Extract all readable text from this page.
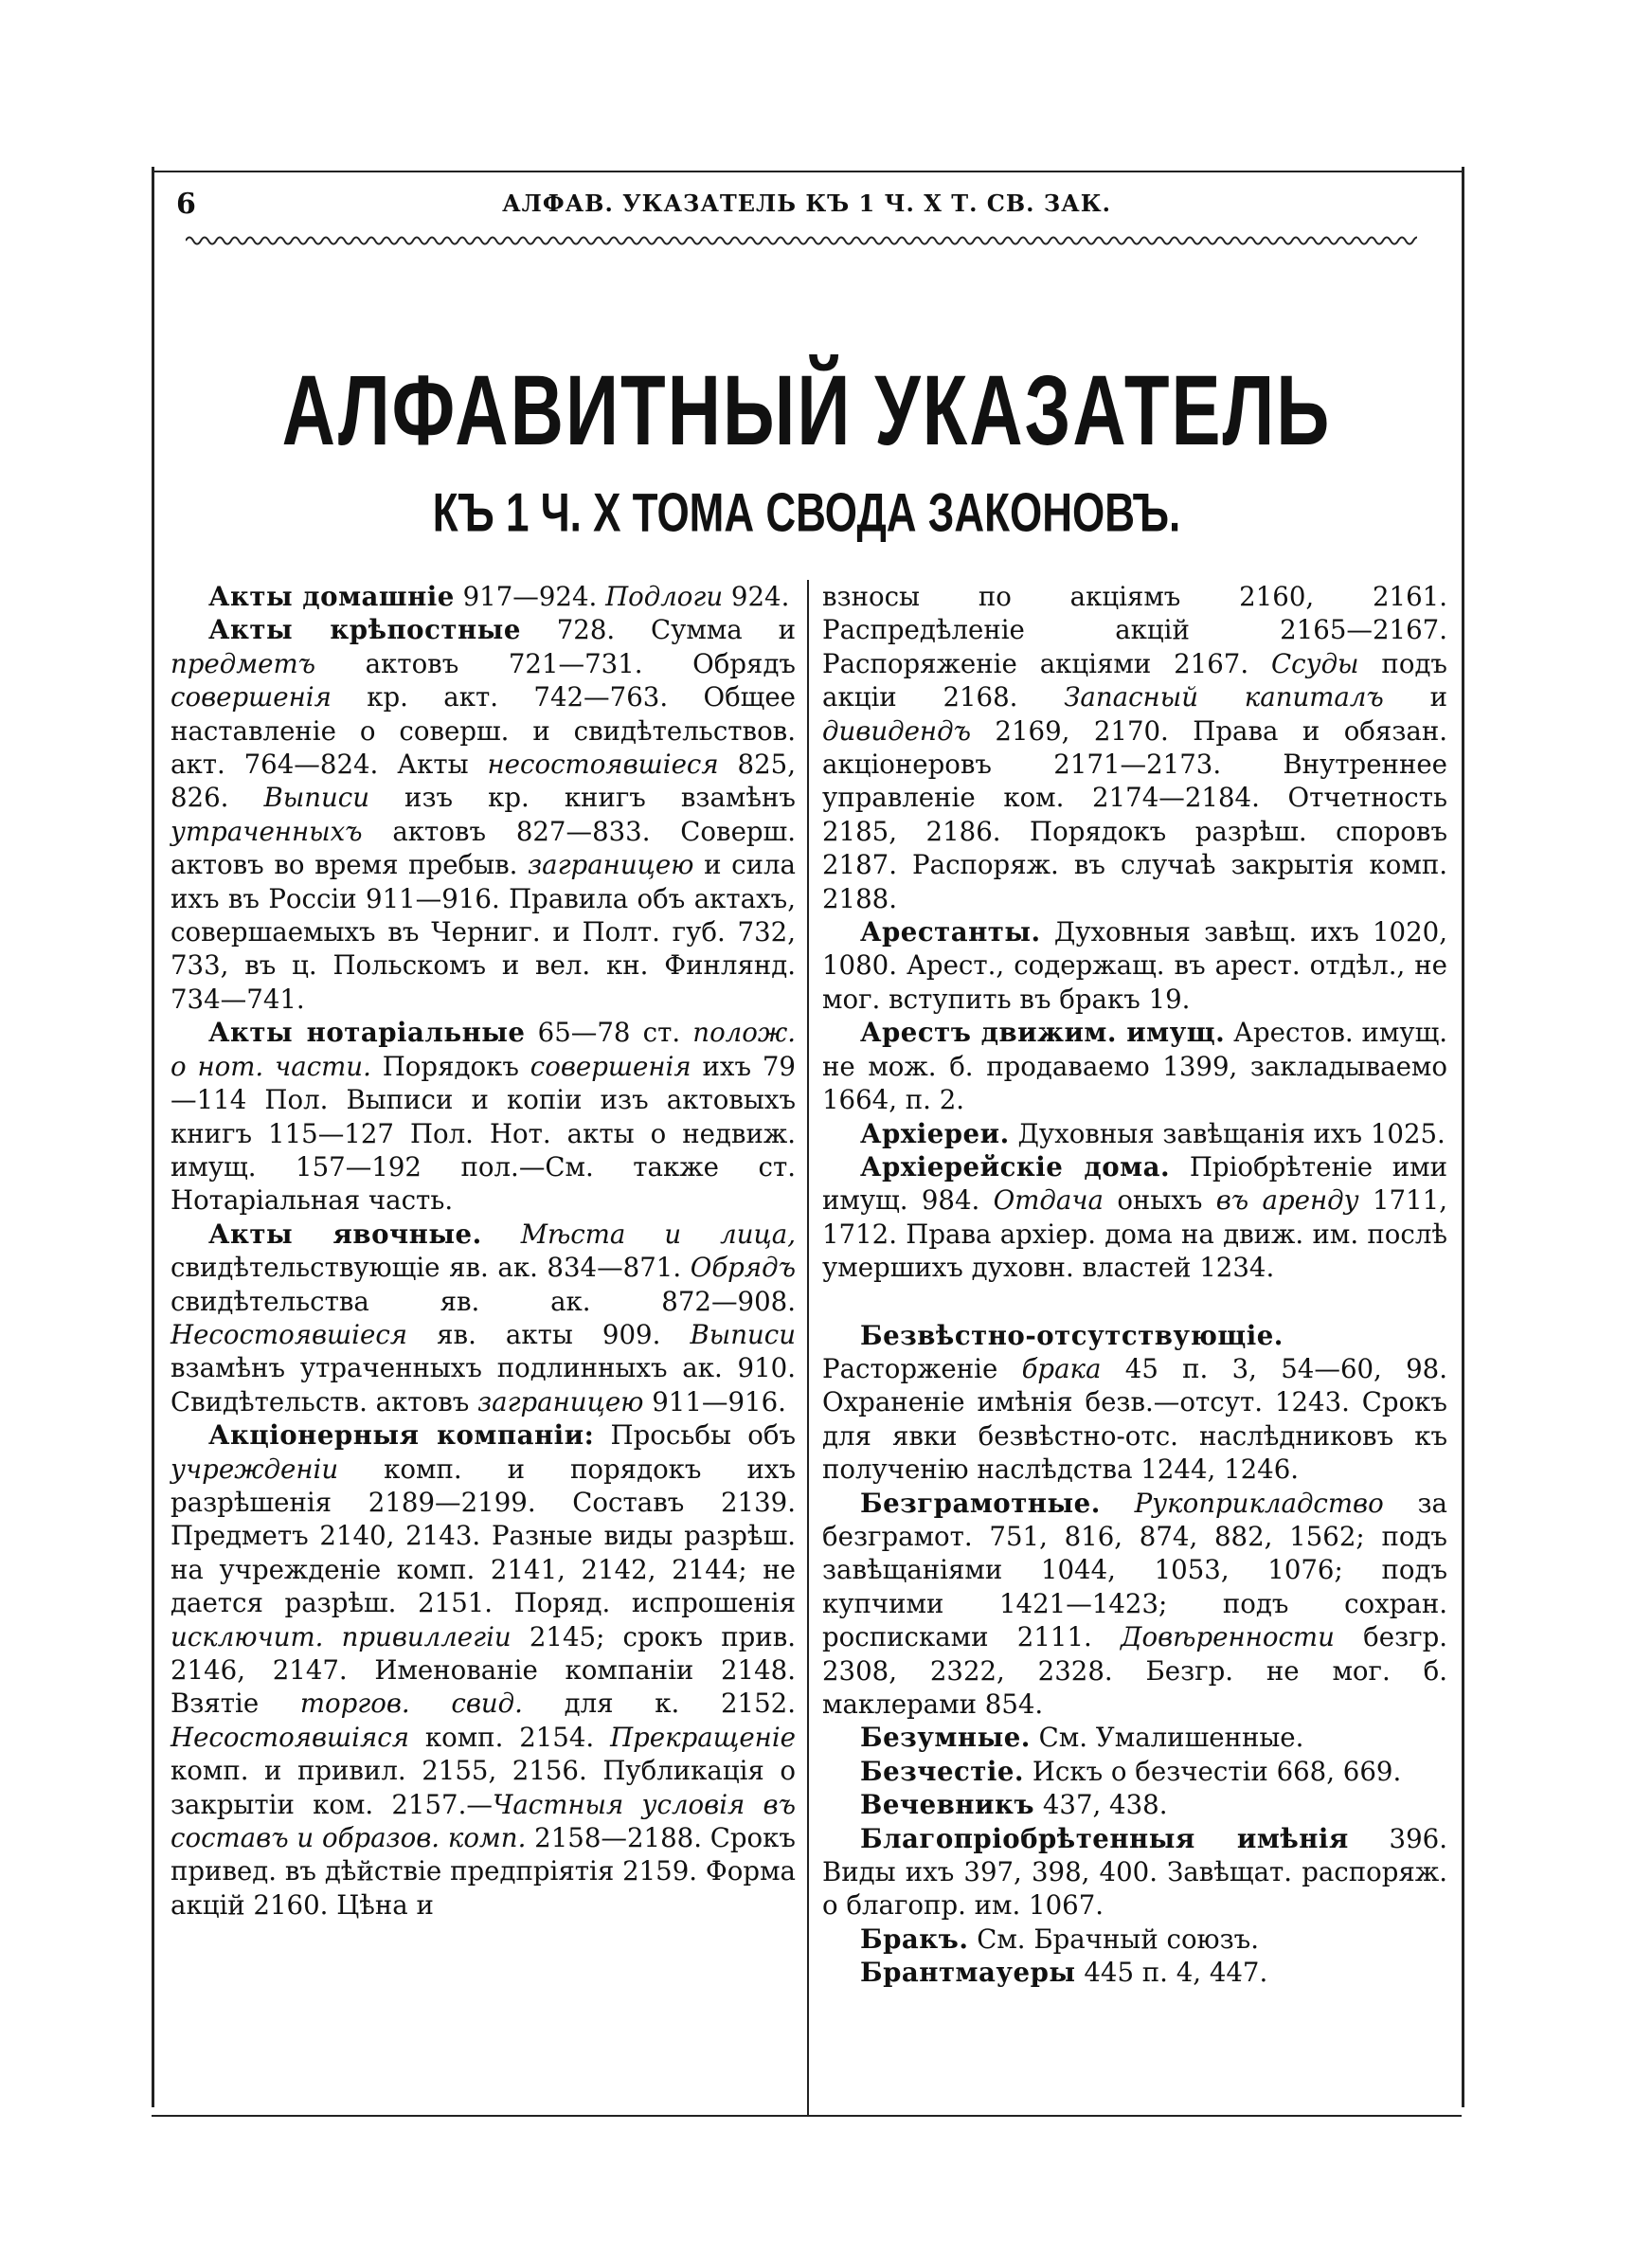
6	АЛФАВ. УКАЗАТЕЛЬ КЪ 1 Ч. X Т. СВ. ЗАК.
АЛФАВИТНЫЙ УКАЗАТЕЛЬ
КЪ 1 Ч. X ТОМА СВОДА ЗАКОНОВЪ.

Акты домашніе 917—924. Подлоги 924.

Акты крѣпостные 728. Сумма и предметъ актовъ 721—731. Обрядъ совершенія кр. акт. 742—763. Общее наставленіе о соверш. и свидѣтельствов. акт. 764—824. Акты несостоявшіеся 825, 826. Выписи изъ кр. книгъ взамѣнъ утраченныхъ актовъ 827—833. Соверш. актовъ во время пребыв. заграницею и сила ихъ въ Россіи 911—916. Правила объ актахъ, совершаемыхъ въ Черниг. и Полт. губ. 732, 733, въ ц. Польскомъ и вел. кн. Финлянд. 734—741.

Акты нотаріальные 65—78 ст. полож. о нот. части. Порядокъ совершенія ихъ 79—114 Пол. Выписи и копіи изъ актовыхъ книгъ 115—127 Пол. Нот. акты о недвиж. имущ. 157—192 пол.—См. также ст. Нотаріальная часть.

Акты явочные. Мѣста и лица, свидѣтельствующіе яв. ак. 834—871. Обрядъ свидѣтельства яв. ак. 872—908. Несостоявшіеся яв. акты 909. Выписи взамѣнъ утраченныхъ подлинныхъ ак. 910. Свидѣтельств. актовъ заграницею 911—916.

Акціонерныя компаніи: Просьбы объ учрежденіи комп. и порядокъ ихъ разрѣшенія 2189—2199. Составъ 2139. Предметъ 2140, 2143. Разные виды разрѣш. на учрежденіе комп. 2141, 2142, 2144; не дается разрѣш. 2151. Поряд. испрошенія исключит. привиллегіи 2145; срокъ прив. 2146, 2147. Именованіе компаніи 2148. Взятіе торгов. свид. для к. 2152. Несостоявшіяся комп. 2154. Прекращеніе комп. и привил. 2155, 2156. Публикація о закрытіи ком. 2157.—Частныя условія въ составъ и образов. комп. 2158—2188. Срокъ привед. въ дѣйствіе предпріятія 2159. Форма акцій 2160. Цѣна и

взносы по акціямъ 2160, 2161. Распредѣленіе акцій 2165—2167. Распоряженіе акціями 2167. Ссуды подъ акціи 2168. Запасный капиталъ и дивидендъ 2169, 2170. Права и обязан. акціонеровъ 2171—2173. Внутреннее управленіе ком. 2174—2184. Отчетность 2185, 2186. Порядокъ разрѣш. споровъ 2187. Распоряж. въ случаѣ закрытія комп. 2188.

Арестанты. Духовныя завѣщ. ихъ 1020, 1080. Арест., содержащ. въ арест. отдѣл., не мог. вступить въ бракъ 19.

Арестъ движим. имущ. Арестов. имущ. не мож. б. продаваемо 1399, закладываемо 1664, п. 2.

Архіереи. Духовныя завѣщанія ихъ 1025.

Архіерейскіе дома. Пріобрѣтеніе ими имущ. 984. Отдача оныхъ въ аренду 1711, 1712. Права архіер. дома на движ. им. послѣ умершихъ духовн. властей 1234.

Безвѣстно-отсутствующіе. Расторженіе брака 45 п. 3, 54—60, 98. Охраненіе имѣнія безв.—отсут. 1243. Срокъ для явки безвѣстно-отс. наслѣдниковъ къ полученію наслѣдства 1244, 1246.

Безграмотные. Рукоприкладство за безграмот. 751, 816, 874, 882, 1562; подъ завѣщаніями 1044, 1053, 1076; подъ купчими 1421—1423; подъ сохран. росписками 2111. Довѣренности безгр. 2308, 2322, 2328. Безгр. не мог. б. маклерами 854.

Безумные. См. Умалишенные.

Безчестіе. Искъ о безчестіи 668, 669.

Вечевникъ 437, 438.

Благопріобрѣтенныя имѣнія 396. Виды ихъ 397, 398, 400. Завѣщат. распоряж. о благопр. им. 1067.

Бракъ. См. Брачный союзъ.

Брантмауеры 445 п. 4, 447.
